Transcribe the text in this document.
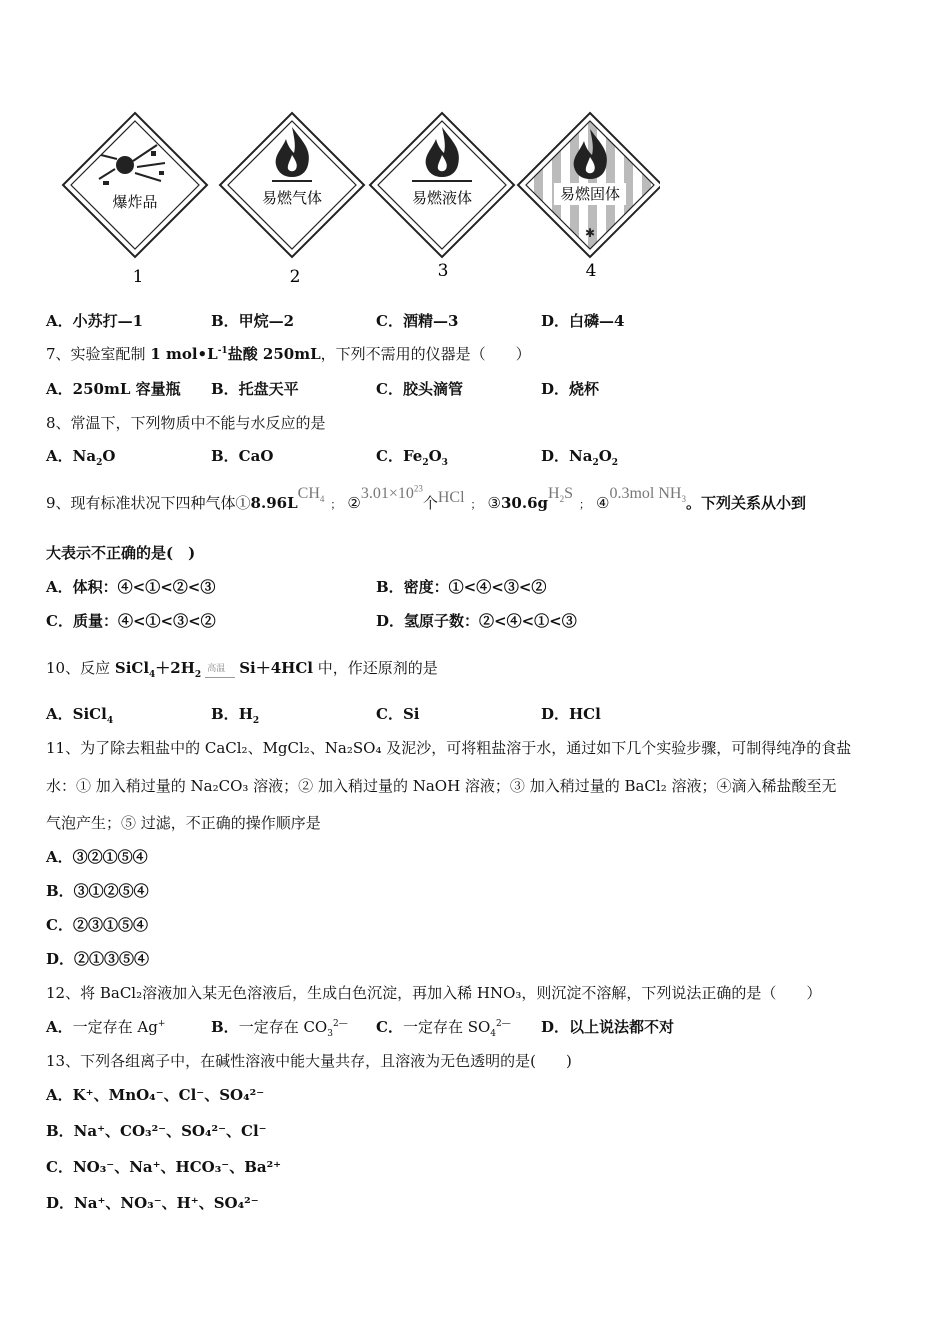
爆炸品	易燃气体	易燃液体	易燃固体
✱
1	2	3	4
A．小苏打—1	B．甲烷—2	C．酒精—3	D．白磷—4
7、实验室配制 1 $mol•L^{-1}$盐酸 250mL，下列不需用的仪器是（　　）
A．250mL 容量瓶 B．托盘天平	C．胶头滴管	D．烧杯
8、常温下，下列物质中不能与水反应的是
A．$Na_2O$	B．CaO	C．$Fe_2O_3$	D．$Na_2O_2$
9、现有标准状况下四种气体$①8.96LCH_4$ ； $②3.01\times 10^{23}$个HCl ； $③30.6gH_2S$； ④0.3mol $NH_3$。下列关系从小到
大表示不正确的是(　)
A．体积：④<①<②<③	B．密度：①<④<③<②
C．质量：④<①<③<②	D．氢原子数：②<④<①<③
10、反应 $SiCl_4+2H_2$
高温 Si＋4HCl 中，作还原剂的是
A．SiCl$_4$	B．$H_2$	C．Si	D．HCl
11、为了除去粗盐中的 CaCl₂、MgCl₂、Na₂SO₄ 及泥沙，可将粗盐溶于水，通过如下几个实验步骤，可制得纯净的食盐
水：① 加入稍过量的 Na₂CO₃ 溶液；② 加入稍过量的 NaOH 溶液；③ 加入稍过量的 BaCl₂ 溶液；④滴入稀盐酸至无
气泡产生；⑤ 过滤，不正确的操作顺序是
A．③②①⑤④
B．③①②⑤④
C．②③①⑤④
D．②①③⑤④
12、将 BaCl₂溶液加入某无色溶液后，生成白色沉淀，再加入稀 HNO₃，则沉淀不溶解，下列说法正确的是（　　）
A．一定存在 Ag+	B．一定存在 $CO_3^{2—}$ C．一定存在 $SO_4^{2—}$ D．以上说法都不对
13、下列各组离子中，在碱性溶液中能大量共存，且溶液为无色透明的是(　　)
A．K⁺、MnO₄⁻、Cl⁻、SO₄²⁻
B．Na⁺、CO₃²⁻、SO₄²⁻、Cl⁻
C．NO₃⁻、Na⁺、HCO₃⁻、Ba²⁺
D．Na⁺、NO₃⁻、H⁺、SO₄²⁻
